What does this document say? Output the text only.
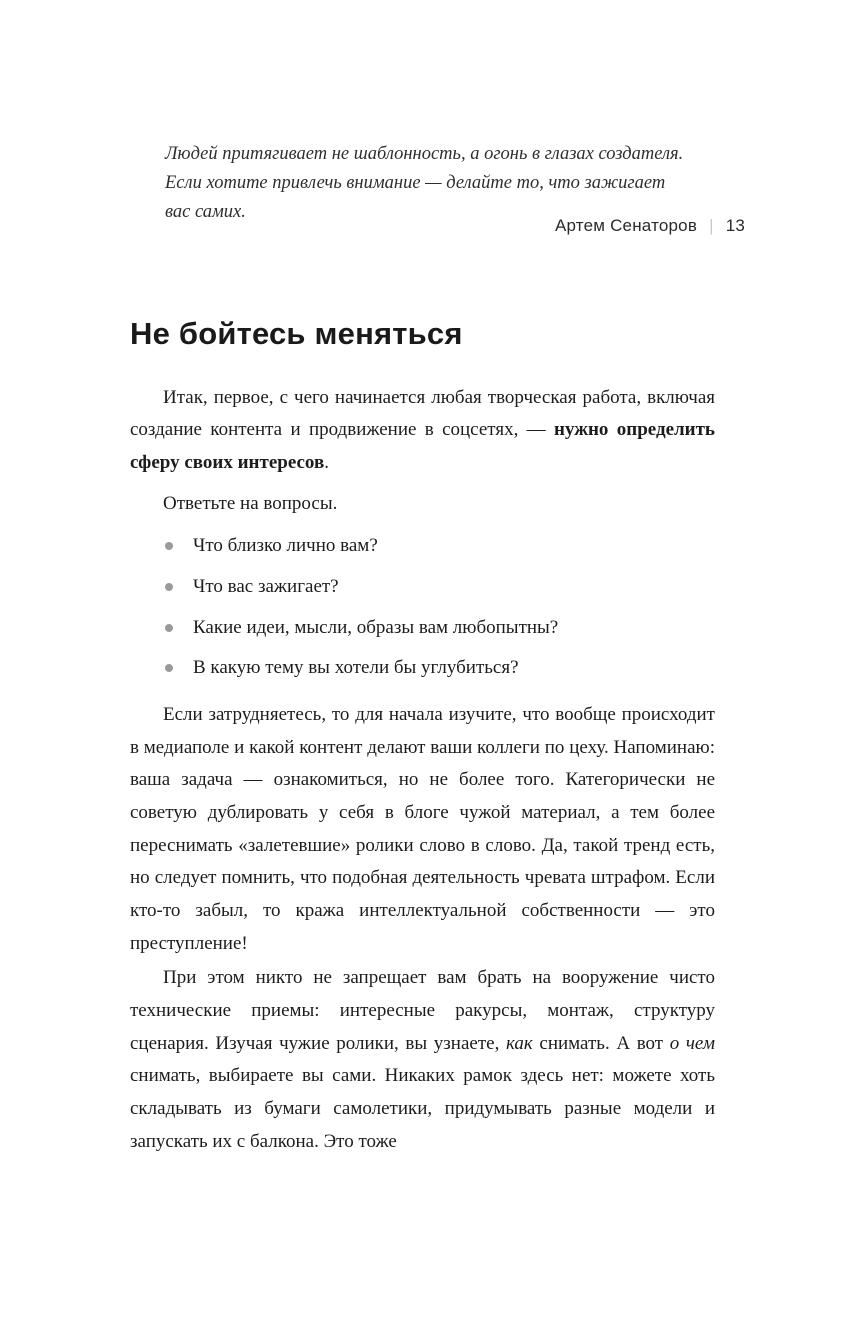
Артем Сенаторов | 13
Людей притягивает не шаблонность, а огонь в глазах создателя. Если хотите привлечь внимание — делайте то, что зажигает вас самих.
Не бойтесь меняться

Итак, первое, с чего начинается любая творческая работа, включая создание контента и продвижение в соцсетях, — нужно определить сферу своих интересов.

Ответьте на вопросы.

Что близко лично вам?
Что вас зажигает?
Какие идеи, мысли, образы вам любопытны?
В какую тему вы хотели бы углубиться?

Если затрудняетесь, то для начала изучите, что вообще происходит в медиаполе и какой контент делают ваши коллеги по цеху. Напоминаю: ваша задача — ознакомиться, но не более того. Категорически не советую дублировать у себя в блоге чужой материал, а тем более переснимать «залетевшие» ролики слово в слово. Да, такой тренд есть, но следует помнить, что подобная деятельность чревата штрафом. Если кто-то забыл, то кража интеллектуальной собственности — это преступление!

При этом никто не запрещает вам брать на вооружение чисто технические приемы: интересные ракурсы, монтаж, структуру сценария. Изучая чужие ролики, вы узнаете, как снимать. А вот о чем снимать, выбираете вы сами. Никаких рамок здесь нет: можете хоть складывать из бумаги самолетики, придумывать разные модели и запускать их с балкона. Это тоже
